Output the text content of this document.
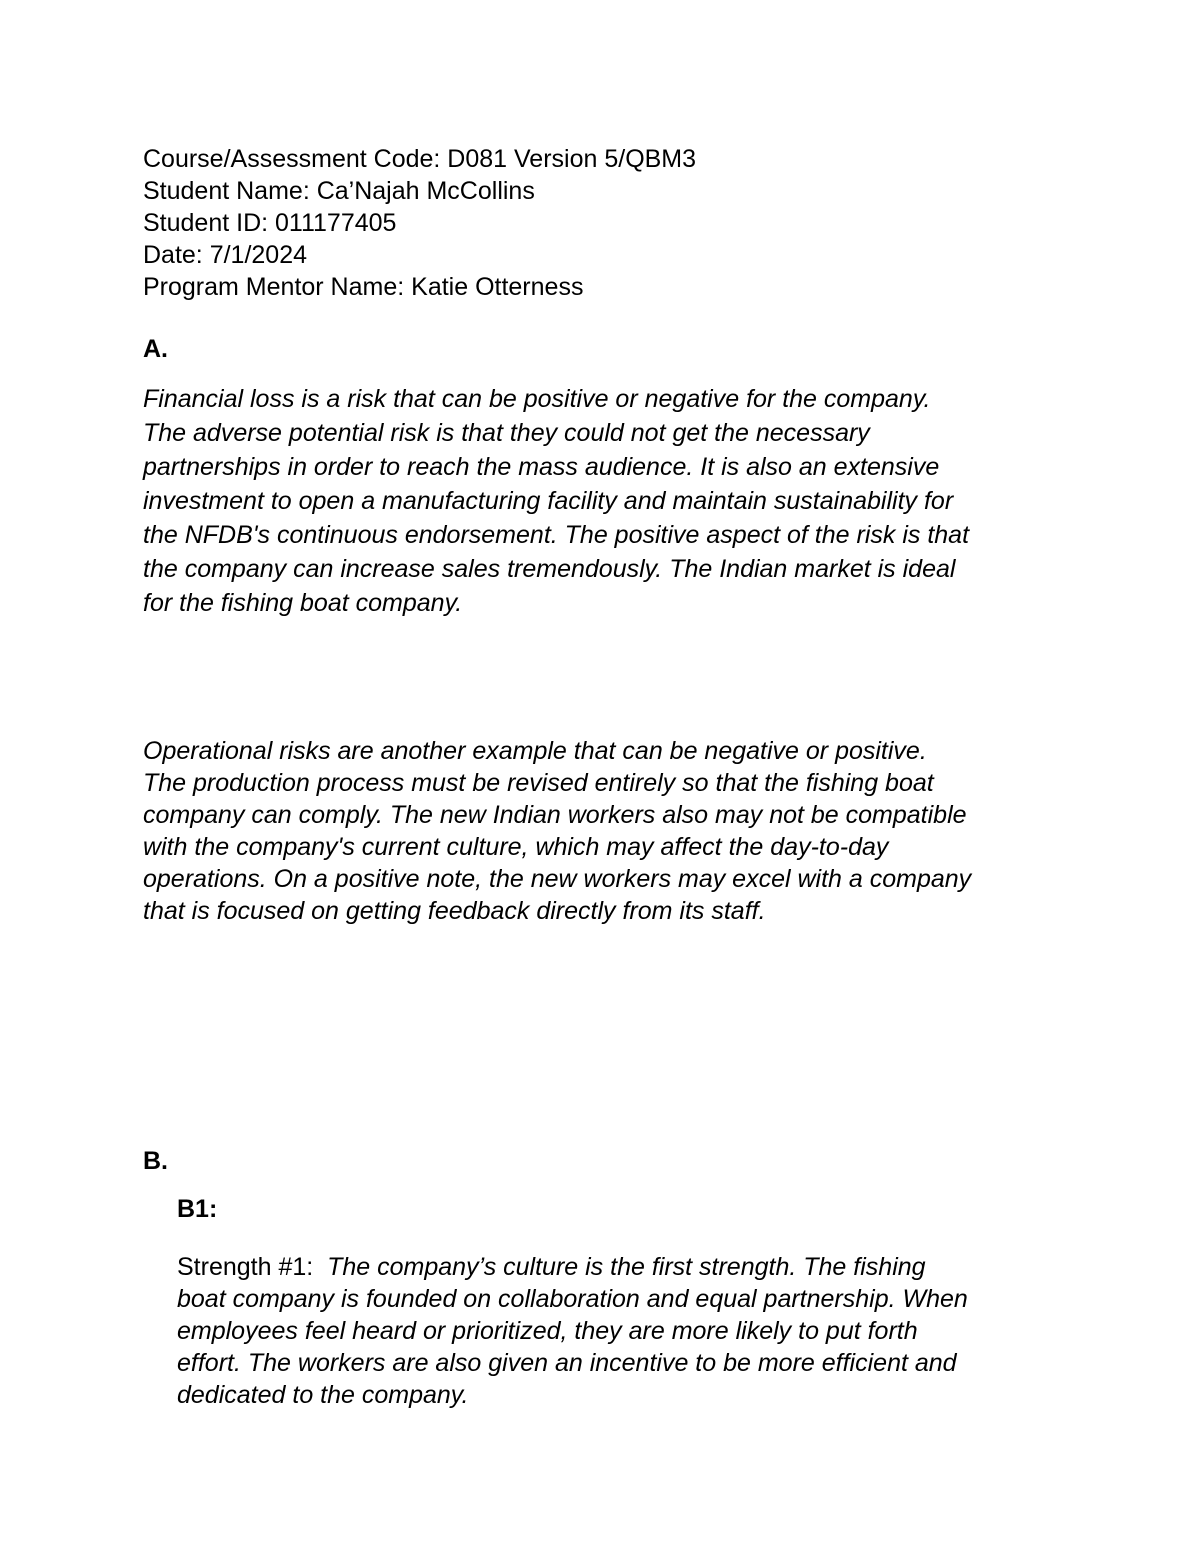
Course/Assessment Code: D081 Version 5/QBM3
Student Name: Ca’Najah McCollins
Student ID: 011177405
Date: 7/1/2024
Program Mentor Name: Katie Otterness
A.
Financial loss is a risk that can be positive or negative for the company.
The adverse potential risk is that they could not get the necessary
partnerships in order to reach the mass audience. It is also an extensive
investment to open a manufacturing facility and maintain sustainability for
the NFDB's continuous endorsement. The positive aspect of the risk is that
the company can increase sales tremendously. The Indian market is ideal
for the fishing boat company.
Operational risks are another example that can be negative or positive.
The production process must be revised entirely so that the fishing boat
company can comply. The new Indian workers also may not be compatible
with the company's current culture, which may affect the day-to-day
operations. On a positive note, the new workers may excel with a company
that is focused on getting feedback directly from its staff.
B.
B1:
Strength #1: The company’s culture is the first strength. The fishing
boat company is founded on collaboration and equal partnership. When
employees feel heard or prioritized, they are more likely to put forth
effort. The workers are also given an incentive to be more efficient and
dedicated to the company.
